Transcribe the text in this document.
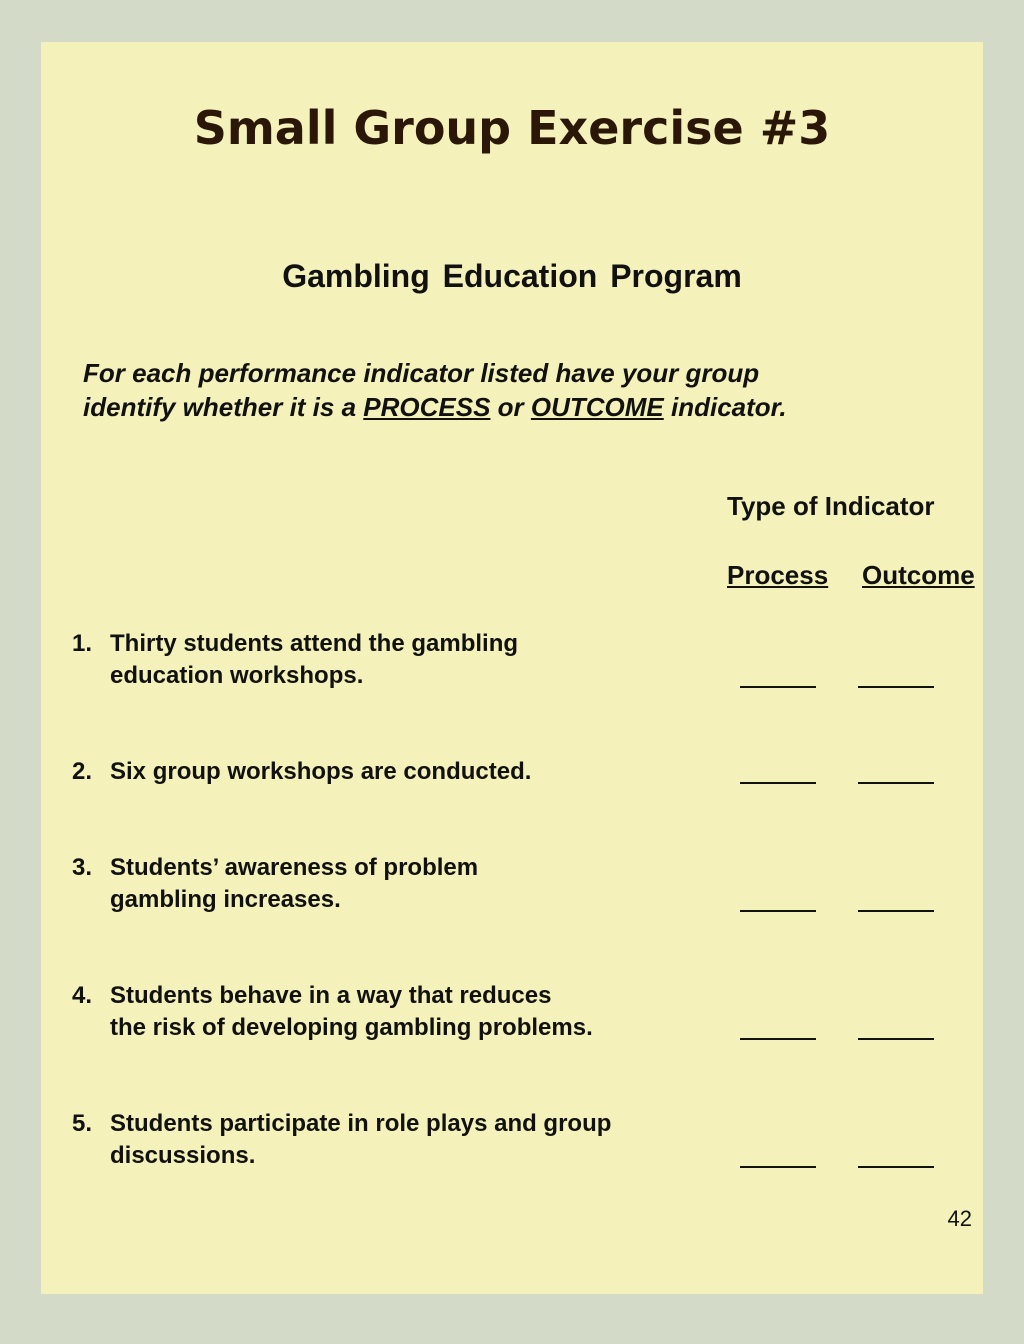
Small Group Exercise #3
Gambling Education Program
For each performance indicator listed have your group
identify whether it is a PROCESS or OUTCOME indicator.
Type of Indicator
Process Outcome
1. Thirty students attend the gambling
education workshops.
2. Six group workshops are conducted.
3. Students’ awareness of problem
gambling increases.
4. Students behave in a way that reduces
the risk of developing gambling problems.
5. Students participate in role plays and group
discussions.
42
